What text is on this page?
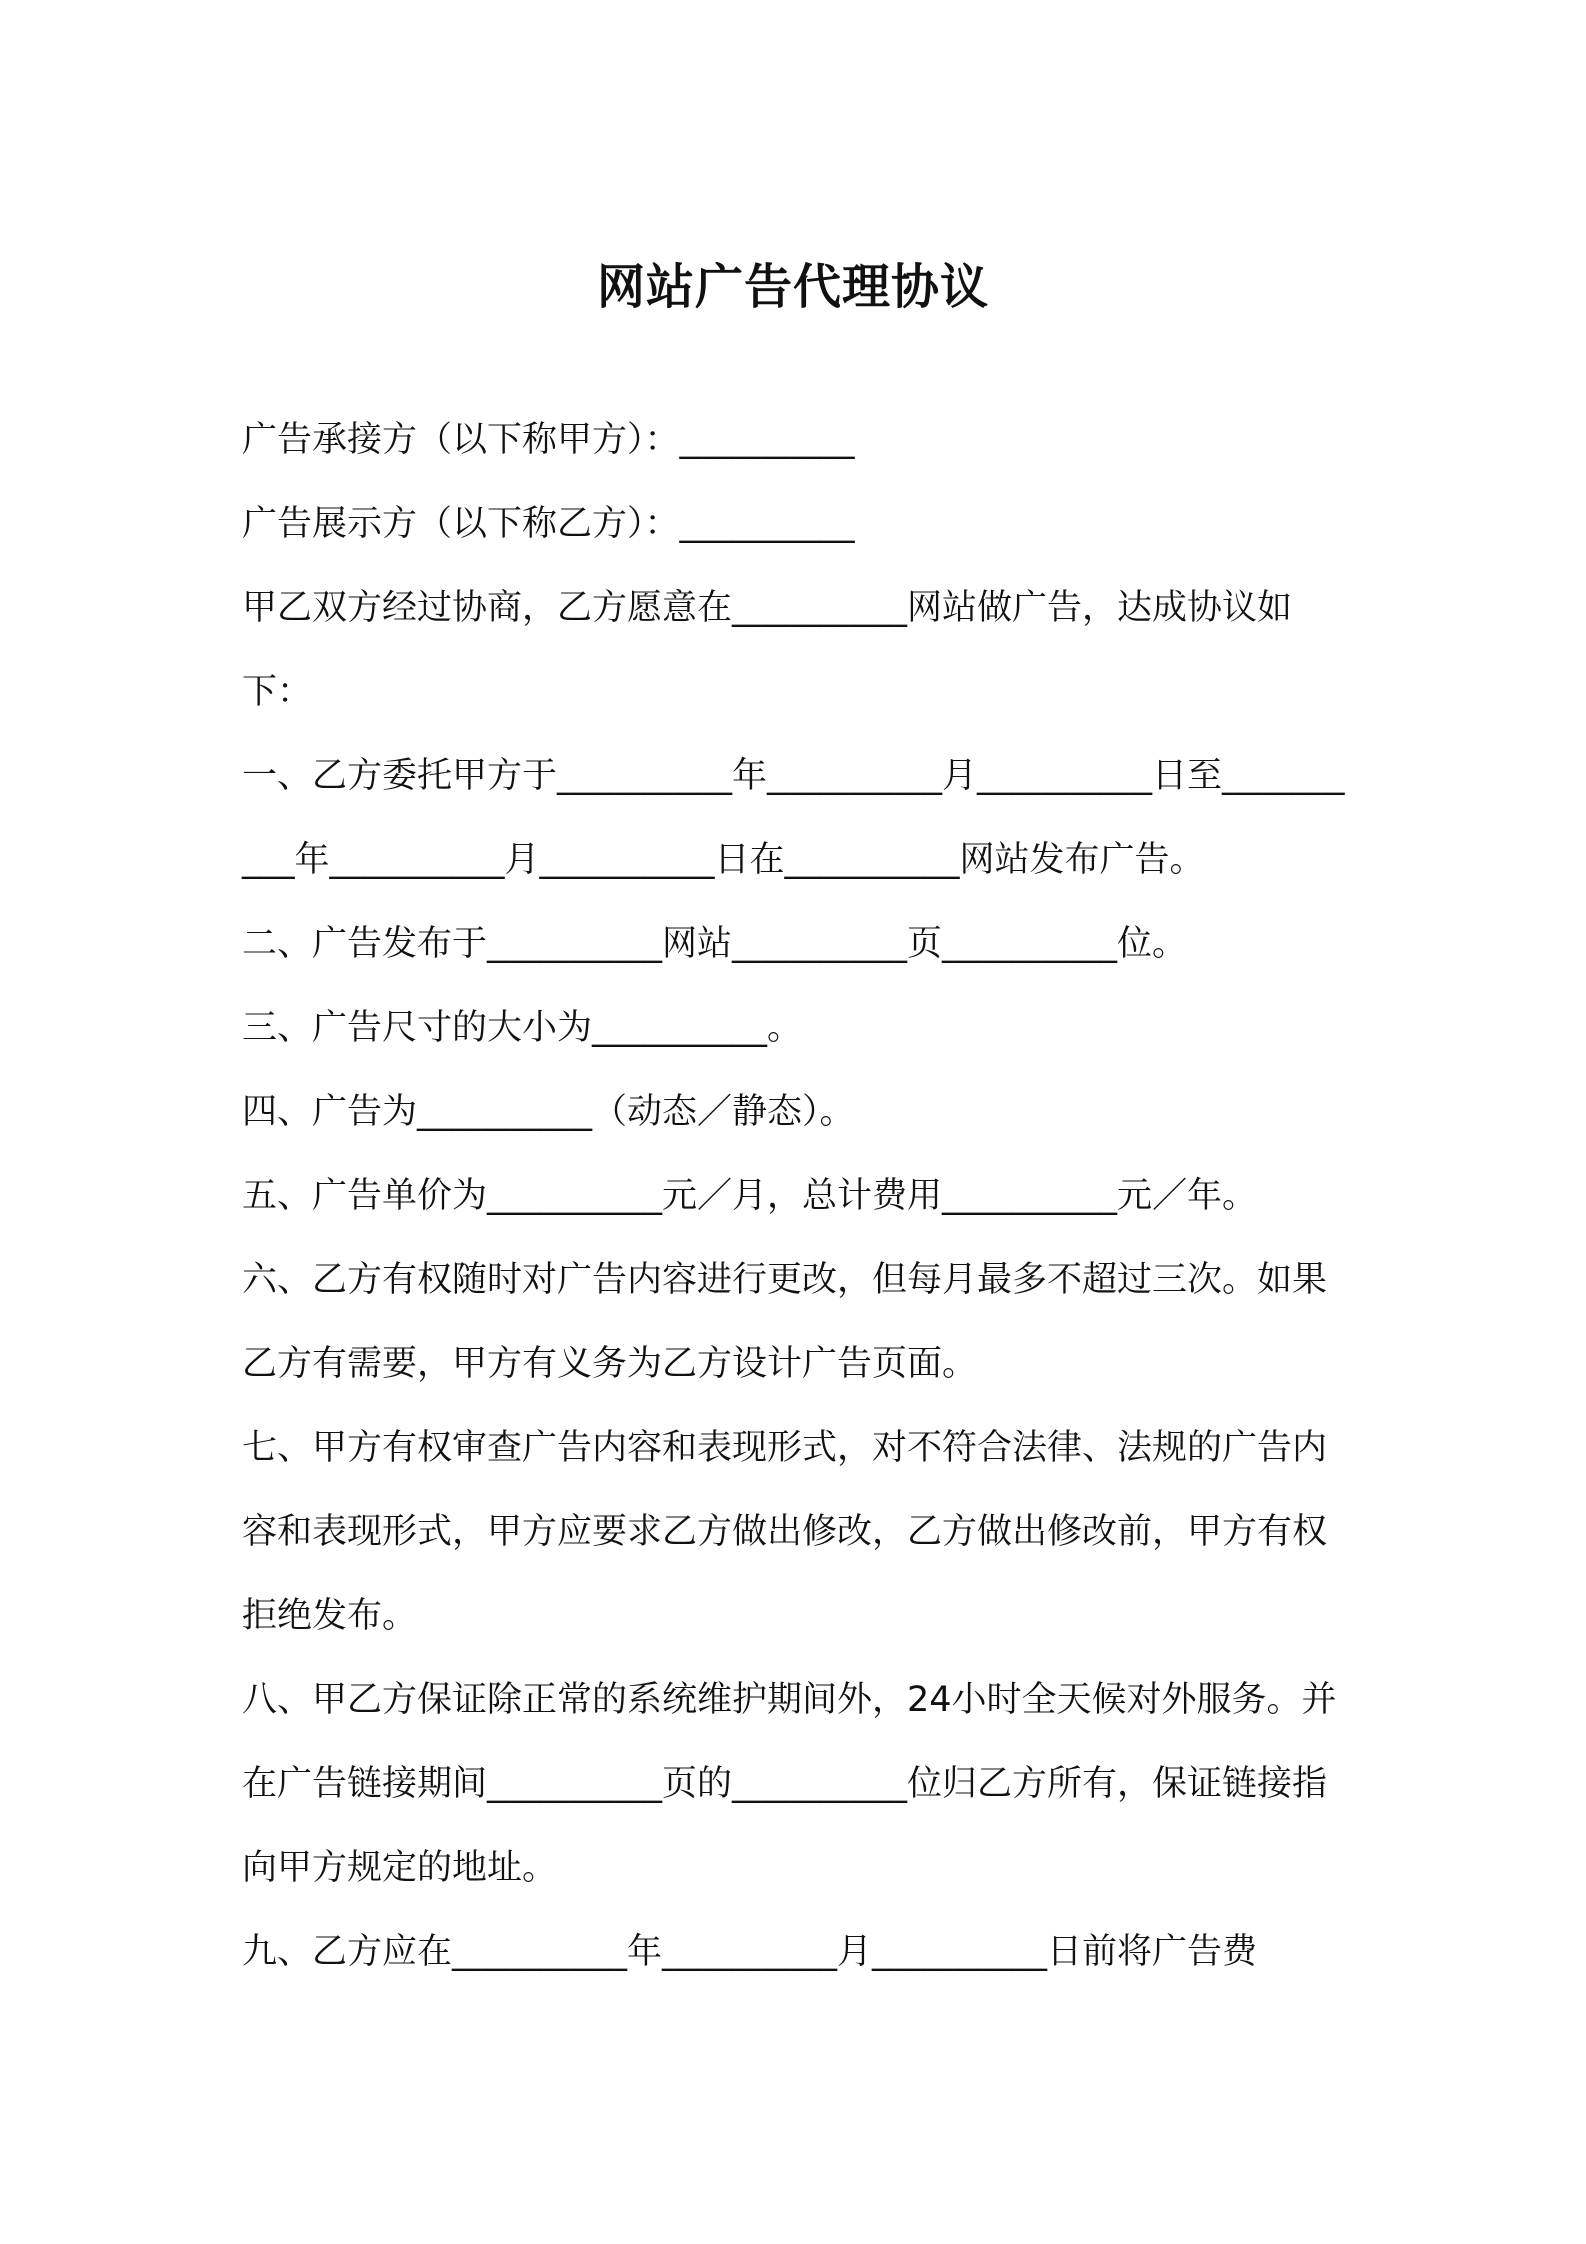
网站广告代理协议

广告承接方（以下称甲方）：__________

广告展示方（以下称乙方）：__________

甲乙双方经过协商，乙方愿意在__________网站做广告，达成协议如下：

一、乙方委托甲方于__________年__________月__________日至__________年__________月__________日在__________网站发布广告。

二、广告发布于__________网站__________页__________位。

三、广告尺寸的大小为__________。

四、广告为__________（动态／静态）。

五、广告单价为__________元／月，总计费用__________元／年。

六、乙方有权随时对广告内容进行更改，但每月最多不超过三次。如果乙方有需要，甲方有义务为乙方设计广告页面。

七、甲方有权审查广告内容和表现形式，对不符合法律、法规的广告内容和表现形式，甲方应要求乙方做出修改，乙方做出修改前，甲方有权拒绝发布。

八、甲乙方保证除正常的系统维护期间外，24小时全天候对外服务。并在广告链接期间__________页的__________位归乙方所有，保证链接指向甲方规定的地址。

九、乙方应在__________年__________月__________日前将广告费
